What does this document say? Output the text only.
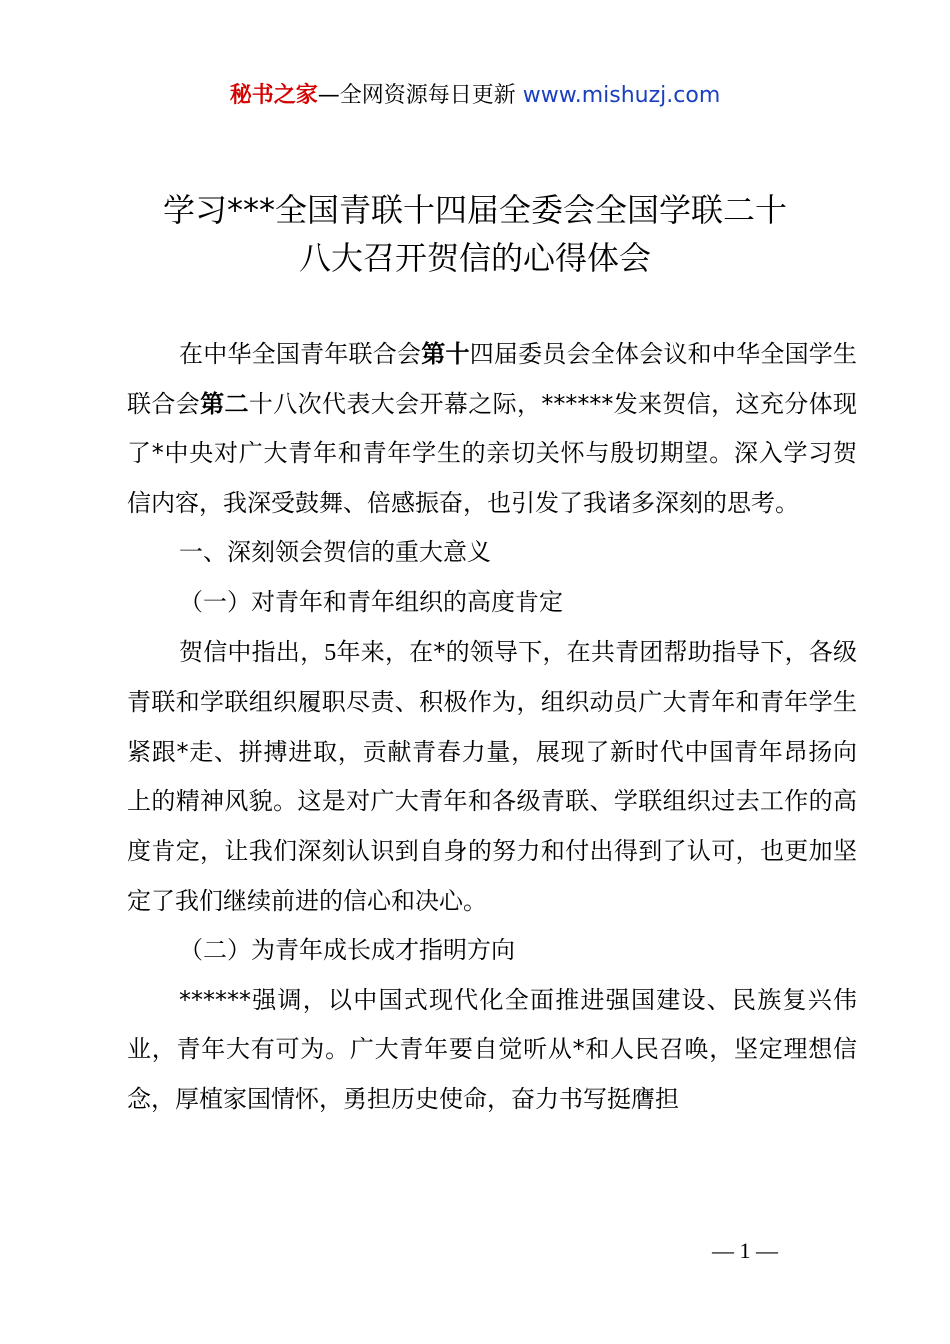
秘书之家—全网资源每日更新 www.mishuzj.com
学习***全国青联十四届全委会全国学联二十
八大召开贺信的心得体会

在中华全国青年联合会第十四届委员会全体会议和中华全国学生联合会第二十八次代表大会开幕之际，******发来贺信，这充分体现了*中央对广大青年和青年学生的亲切关怀与殷切期望。深入学习贺信内容，我深受鼓舞、倍感振奋，也引发了我诸多深刻的思考。

一、深刻领会贺信的重大意义

（一）对青年和青年组织的高度肯定

贺信中指出，5年来，在*的领导下，在共青团帮助指导下，各级青联和学联组织履职尽责、积极作为，组织动员广大青年和青年学生紧跟*走、拼搏进取，贡献青春力量，展现了新时代中国青年昂扬向上的精神风貌。这是对广大青年和各级青联、学联组织过去工作的高度肯定，让我们深刻认识到自身的努力和付出得到了认可，也更加坚定了我们继续前进的信心和决心。

（二）为青年成长成才指明方向

******强调，以中国式现代化全面推进强国建设、民族复兴伟业，青年大有可为。广大青年要自觉听从*和人民召唤，坚定理想信念，厚植家国情怀，勇担历史使命，奋力书写挺膺担

— 1 —
